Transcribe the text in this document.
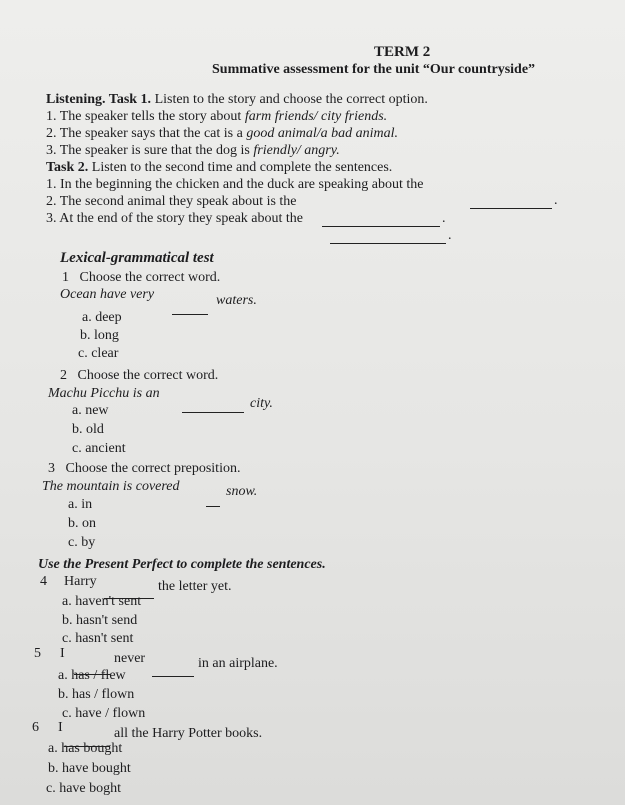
TERM 2
Summative assessment for the unit “Our countryside”
Listening. Task 1. Listen to the story and choose the correct option.
1. The speaker tells the story about farm friends/ city friends.
2. The speaker says that the cat is a good animal/a bad animal.
3. The speaker is sure that the dog is friendly/ angry.
Task 2. Listen to the second time and complete the sentences.
1. In the beginning the chicken and the duck are speaking about the
.
2. The second animal they speak about is the
.
3. At the end of the story they speak about the
.
Lexical-grammatical test
1 Choose the correct word.
Ocean have very	waters.
a. deep
b. long
c. clear
2 Choose the correct word.
Machu Picchu is an
city.
a. new
b. old
c. ancient
3 Choose the correct preposition.
The mountain is covered	snow.
a. in
b. on
c. by
Use the Present Perfect to complete the sentences.
4 Harry	the letter yet.
a. haven't sent
b. hasn't send
c. hasn't sent
5 I	never	in an airplane.
a. has / flew
b. has / flown
c. have / flown
6 I	all the Harry Potter books.
a. has bought
b. have bought
c. have boght
